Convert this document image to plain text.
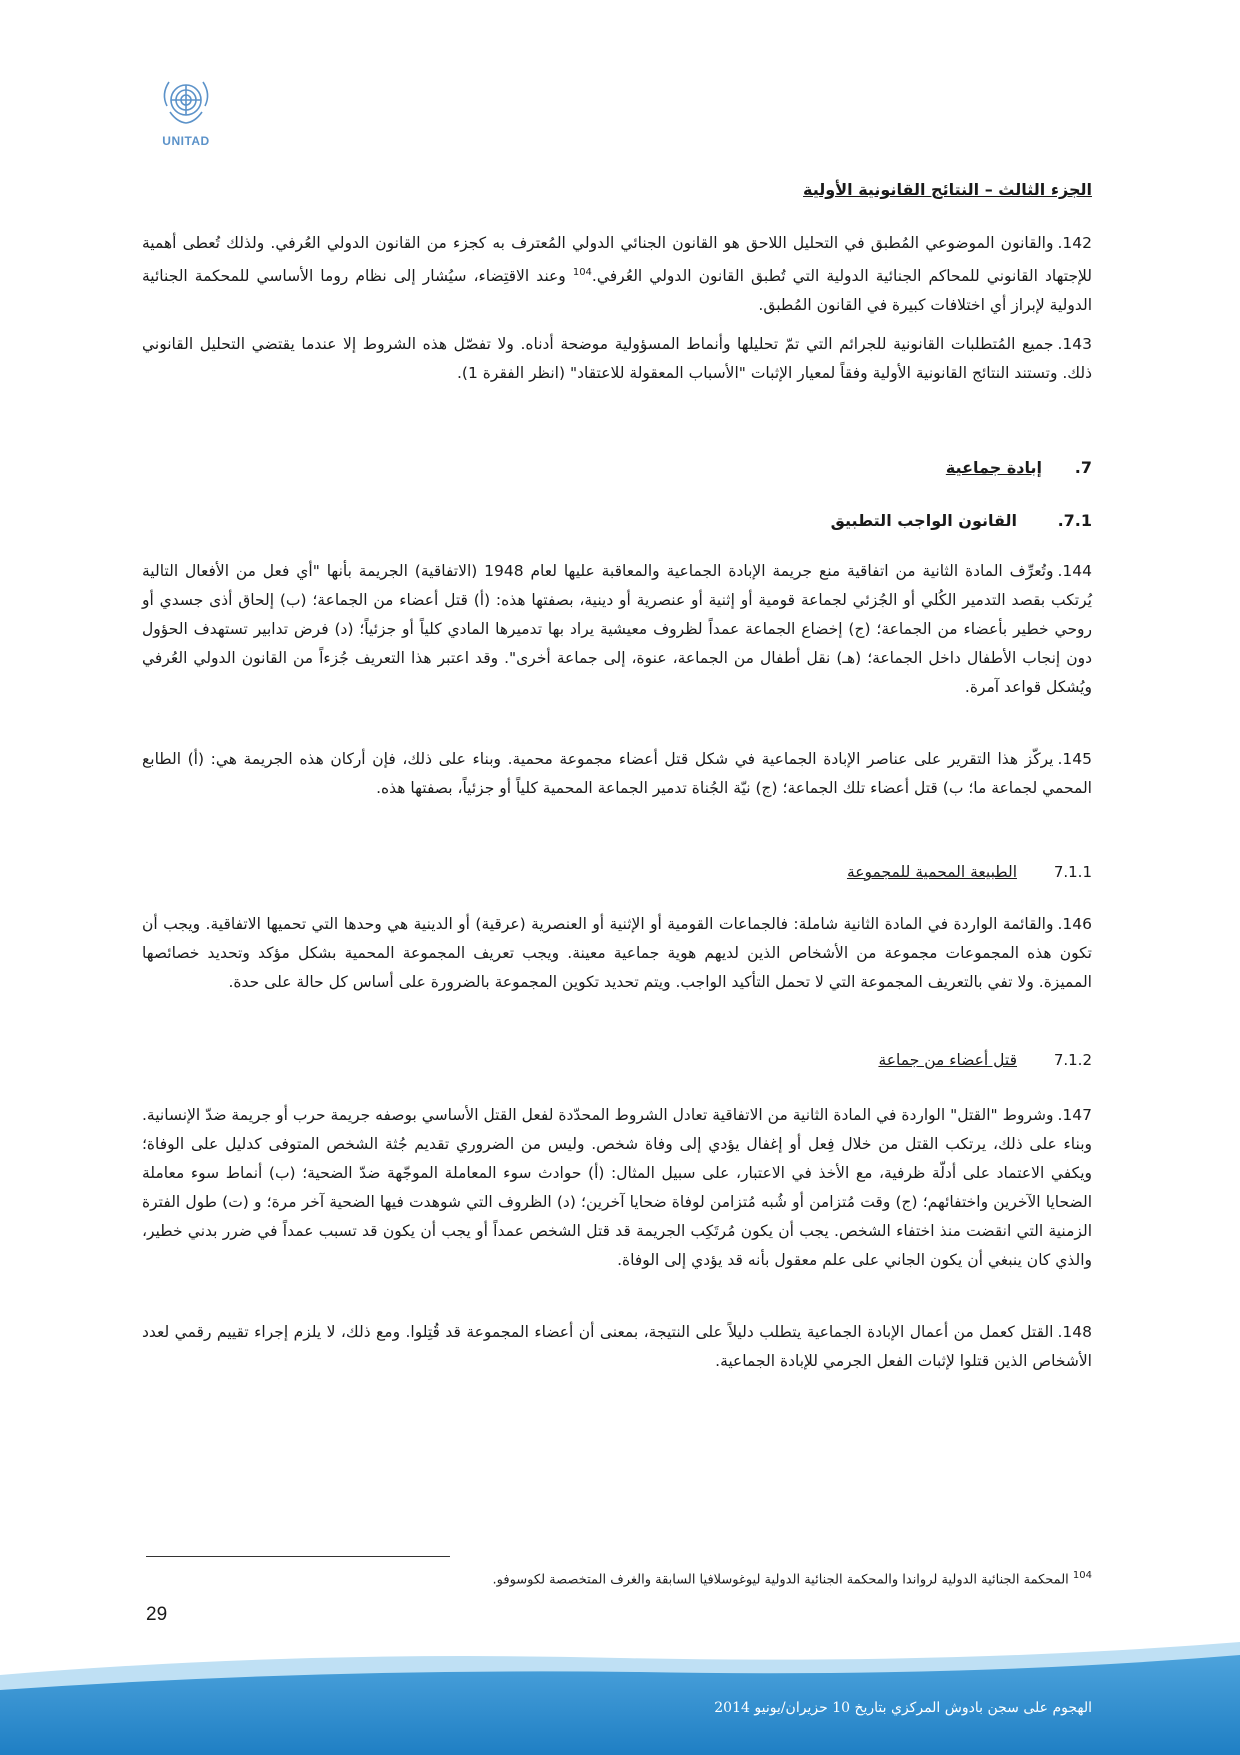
UNITAD
الجزء الثالث – النتائج القانونية الأولية
142.والقانون الموضوعي المُطبق في التحليل اللاحق هو القانون الجنائي الدولي المُعترف به كجزء من القانون الدولي العُرفي. ولذلك تُعطى أهمية للإجتهاد القانوني للمحاكم الجنائية الدولية التي تُطبق القانون الدولي العُرفي.$^{104}$ وعند الاقتِضاء، سيُشار إلى نظام روما الأساسي للمحكمة الجنائية الدولية لإبراز أي اختلافات كبيرة في القانون المُطبق.
143.جميع المُتطلبات القانونية للجرائم التي تمّ تحليلها وأنماط المسؤولية موضحة أدناه. ولا تفصّل هذه الشروط إلا عندما يقتضي التحليل القانوني ذلك. وتستند النتائج القانونية الأولية وفقاً لمعيار الإثبات "الأسباب المعقولة للاعتقاد" (انظر الفقرة 1).
7.إبادة جماعية
7.1.القانون الواجب التطبيق
144.وتُعرِّف المادة الثانية من اتفاقية منع جريمة الإبادة الجماعية والمعاقبة عليها لعام 1948 (الاتفاقية) الجريمة بأنها "أي فعل من الأفعال التالية يُرتكب بقصد التدمير الكُلي أو الجُزئي لجماعة قومية أو إثنية أو عنصرية أو دينية، بصفتها هذه: (أ) قتل أعضاء من الجماعة؛ (ب) إلحاق أذى جسدي أو روحي خطير بأعضاء من الجماعة؛ (ج) إخضاع الجماعة عمداً لظروف معيشية يراد بها تدميرها المادي كلياً أو جزئياً؛ (د) فرض تدابير تستهدف الحؤول دون إنجاب الأطفال داخل الجماعة؛ (هـ) نقل أطفال من الجماعة، عنوة، إلى جماعة أخرى". وقد اعتبر هذا التعريف جُزءاً من القانون الدولي العُرفي ويُشكل قواعد آمرة.
145.يركّز هذا التقرير على عناصر الإبادة الجماعية في شكل قتل أعضاء مجموعة محمية. وبناء على ذلك، فإن أركان هذه الجريمة هي: (أ) الطابع المحمي لجماعة ما؛ ب) قتل أعضاء تلك الجماعة؛ (ج) نيّة الجُناة تدمير الجماعة المحمية كلياً أو جزئياً، بصفتها هذه.
7.1.1الطبيعة المحمية للمجموعة
146.والقائمة الواردة في المادة الثانية شاملة: فالجماعات القومية أو الإثنية أو العنصرية (عرقية) أو الدينية هي وحدها التي تحميها الاتفاقية. ويجب أن تكون هذه المجموعات مجموعة من الأشخاص الذين لديهم هوية جماعية معينة. ويجب تعريف المجموعة المحمية بشكل مؤكد وتحديد خصائصها المميزة. ولا تفي بالتعريف المجموعة التي لا تحمل التأكيد الواجب. ويتم تحديد تكوين المجموعة بالضرورة على أساس كل حالة على حدة.
7.1.2قتل أعضاء من جماعة
147.وشروط "القتل" الواردة في المادة الثانية من الاتفاقية تعادل الشروط المحدّدة لفعل القتل الأساسي بوصفه جريمة حرب أو جريمة ضدّ الإنسانية. وبناء على ذلك، يرتكب القتل من خلال فِعل أو إغفال يؤدي إلى وفاة شخص. وليس من الضروري تقديم جُثة الشخص المتوفى كدليل على الوفاة؛ ويكفي الاعتماد على أدلّة ظرفية، مع الأخذ في الاعتبار، على سبيل المثال: (أ) حوادث سوء المعاملة الموجّهة ضدّ الضحية؛ (ب) أنماط سوء معاملة الضحايا الآخرين واختفائهم؛ (ج) وقت مُتزامن أو شُبه مُتزامن لوفاة ضحايا آخرين؛ (د) الظروف التي شوهدت فيها الضحية آخر مرة؛ و (ت) طول الفترة الزمنية التي انقضت منذ اختفاء الشخص. يجب أن يكون مُرتَكِب الجريمة قد قتل الشخص عمداً أو يجب أن يكون قد تسبب عمداً في ضرر بدني خطير، والذي كان ينبغي أن يكون الجاني على علم معقول بأنه قد يؤدي إلى الوفاة.
148.القتل كعمل من أعمال الإبادة الجماعية يتطلب دليلاً على النتيجة، بمعنى أن أعضاء المجموعة قد قُتِلوا. ومع ذلك، لا يلزم إجراء تقييم رقمي لعدد الأشخاص الذين قتلوا لإثبات الفعل الجرمي للإبادة الجماعية.
$^{104}$ المحكمة الجنائية الدولية لرواندا والمحكمة الجنائية الدولية ليوغوسلافيا السابقة والغرف المتخصصة لكوسوفو.
29
الهجوم على سجن بادوش المركزي بتاريخ 10 حزيران/يونيو 2014
